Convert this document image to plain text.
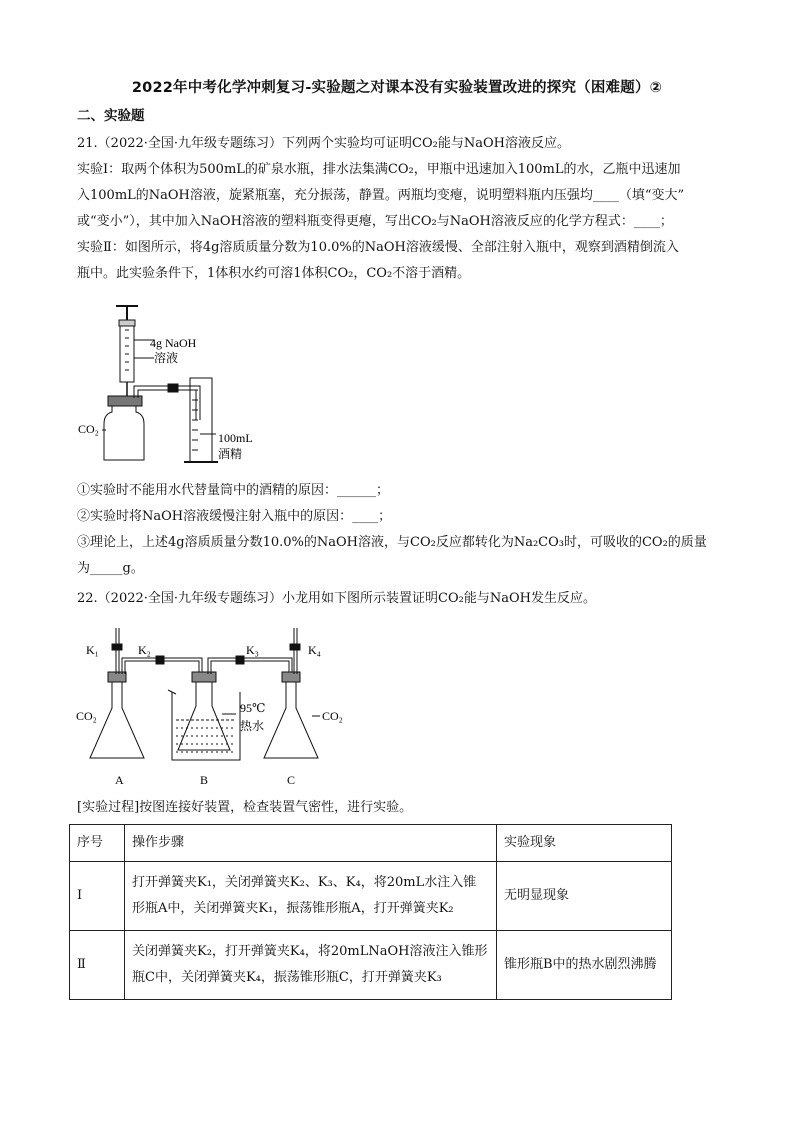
2022年中考化学冲刺复习-实验题之对课本没有实验装置改进的探究（困难题）②
二、实验题
21.（2022·全国·九年级专题练习）下列两个实验均可证明CO₂能与NaOH溶液反应。
实验Ⅰ：取两个体积为500mL的矿泉水瓶，排水法集满CO₂，甲瓶中迅速加入100mL的水，乙瓶中迅速加
入100mL的NaOH溶液，旋紧瓶塞，充分振荡，静置。两瓶均变瘪，说明塑料瓶内压强均____（填“变大”
或“变小”），其中加入NaOH溶液的塑料瓶变得更瘪，写出CO₂与NaOH溶液反应的化学方程式：____；
实验Ⅱ：如图所示，将4g溶质质量分数为10.0%的NaOH溶液缓慢、全部注射入瓶中，观察到酒精倒流入
瓶中。此实验条件下，1体积水约可溶1体积CO₂，CO₂不溶于酒精。
4g NaOH
溶液
CO₂
100mL
酒精
①实验时不能用水代替量筒中的酒精的原因：______；
②实验时将NaOH溶液缓慢注射入瓶中的原因：____；
③理论上，上述4g溶质质量分数10.0%的NaOH溶液，与CO₂反应都转化为Na₂CO₃时，可吸收的CO₂的质量
为_____g。
22.（2022·全国·九年级专题练习）小龙用如下图所示装置证明CO₂能与NaOH发生反应。
K₁	K₂	K₃	K₄
CO₂	CO₂
95℃
热水
A	B	C
[实验过程]按图连接好装置，检查装置气密性，进行实验。
序号	操作步骤	实验现象
Ⅰ	打开弹簧夹K₁，关闭弹簧夹K₂、K₃、K₄，将20mL水注入锥
形瓶A中，关闭弹簧夹K₁，振荡锥形瓶A，打开弹簧夹K₂	无明显现象
Ⅱ	关闭弹簧夹K₂，打开弹簧夹K₄，将20mLNaOH溶液注入锥形
瓶C中，关闭弹簧夹K₄，振荡锥形瓶C，打开弹簧夹K₃	锥形瓶B中的热水剧烈沸腾
